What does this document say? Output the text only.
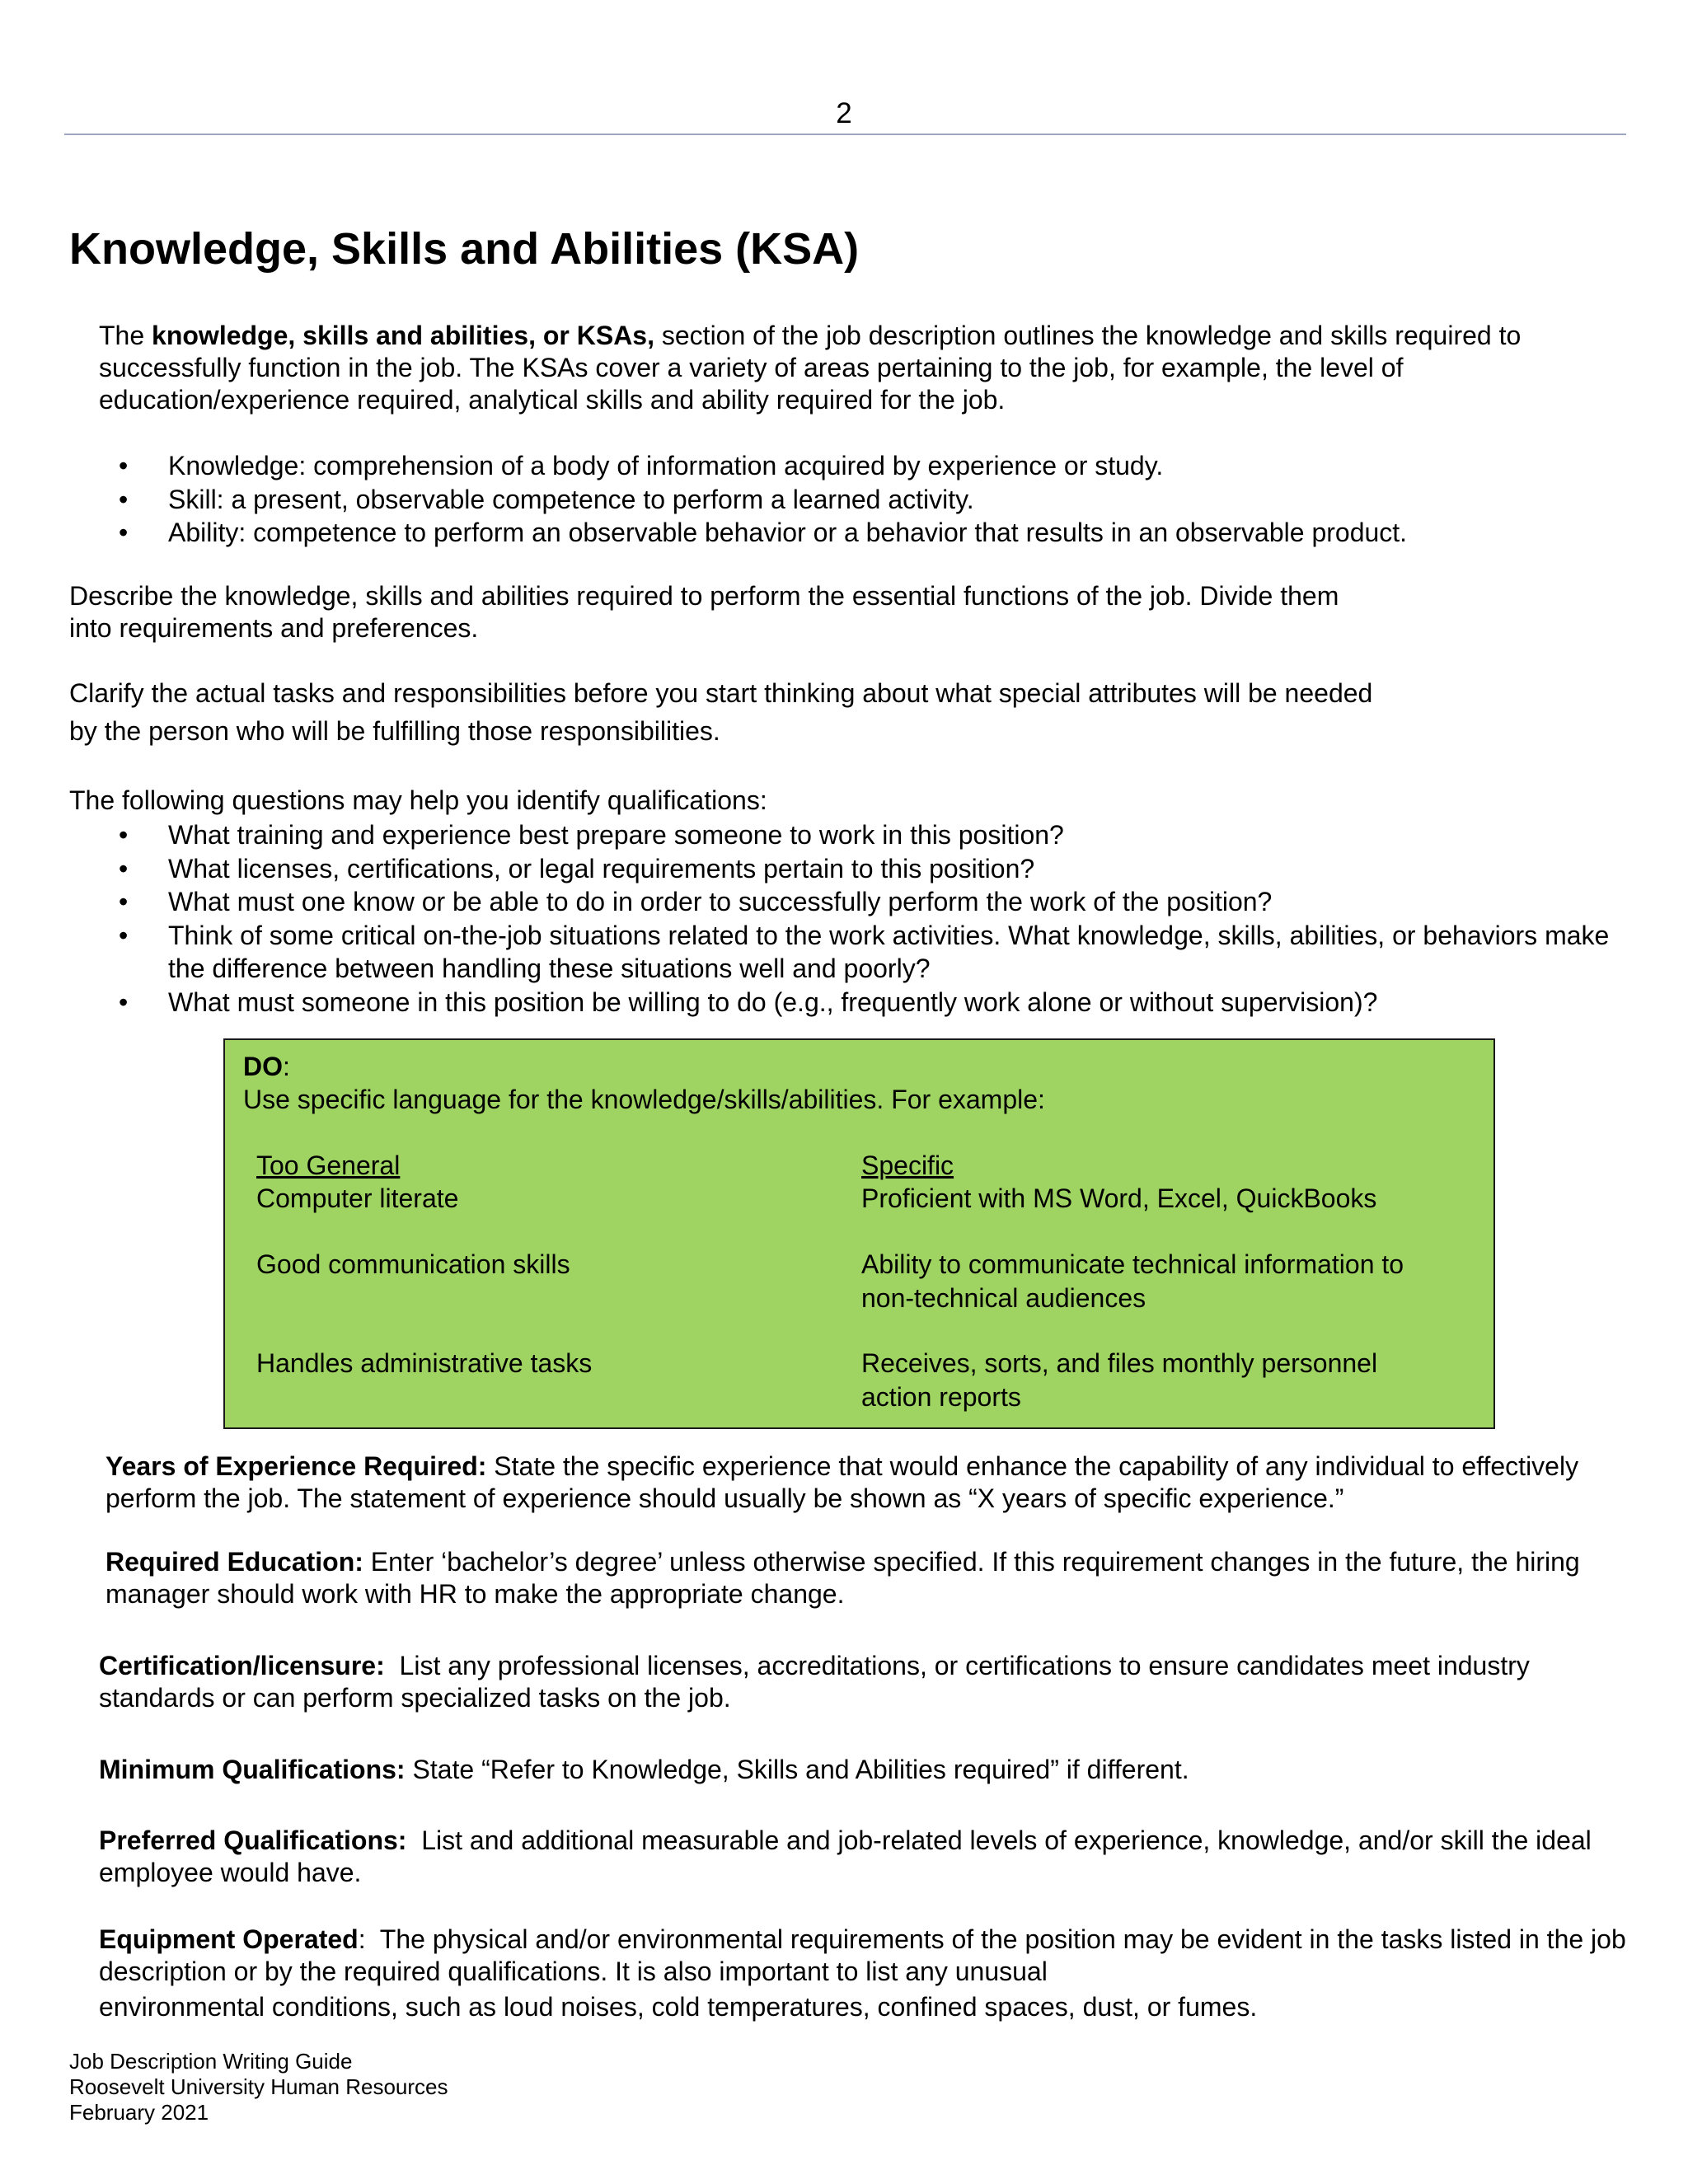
2
Knowledge, Skills and Abilities (KSA)

The knowledge, skills and abilities, or KSAs, section of the job description outlines the knowledge and skills required to successfully function in the job. The KSAs cover a variety of areas pertaining to the job, for example, the level of education/experience required, analytical skills and ability required for the job.

• Knowledge: comprehension of a body of information acquired by experience or study.
• Skill: a present, observable competence to perform a learned activity.
• Ability: competence to perform an observable behavior or a behavior that results in an observable product.

Describe the knowledge, skills and abilities required to perform the essential functions of the job. Divide them into requirements and preferences.

Clarify the actual tasks and responsibilities before you start thinking about what special attributes will be needed by the person who will be fulfilling those responsibilities.

The following questions may help you identify qualifications:

• What training and experience best prepare someone to work in this position?
• What licenses, certifications, or legal requirements pertain to this position?
• What must one know or be able to do in order to successfully perform the work of the position?
• Think of some critical on-the-job situations related to the work activities. What knowledge, skills, abilities, or behaviors make the difference between handling these situations well and poorly?
• What must someone in this position be willing to do (e.g., frequently work alone or without supervision)?
DO:
Use specific language for the knowledge/skills/abilities. For example:
Too General	Specific
Computer literate	Proficient with MS Word, Excel, QuickBooks
Good communication skills	Ability to communicate technical information to non-technical audiences
Handles administrative tasks	Receives, sorts, and files monthly personnel action reports

Years of Experience Required: State the specific experience that would enhance the capability of any individual to effectively perform the job. The statement of experience should usually be shown as “X years of specific experience.”

Required Education: Enter ‘bachelor’s degree’ unless otherwise specified. If this requirement changes in the future, the hiring manager should work with HR to make the appropriate change.

Certification/licensure:  List any professional licenses, accreditations, or certifications to ensure candidates meet industry standards or can perform specialized tasks on the job.

Minimum Qualifications: State “Refer to Knowledge, Skills and Abilities required” if different.

Preferred Qualifications:  List and additional measurable and job-related levels of experience, knowledge, and/or skill the ideal employee would have.

Equipment Operated:  The physical and/or environmental requirements of the position may be evident in the tasks listed in the job description or by the required qualifications. It is also important to list any unusual
environmental conditions, such as loud noises, cold temperatures, confined spaces, dust, or fumes.

Job Description Writing Guide
Roosevelt University Human Resources
February 2021
